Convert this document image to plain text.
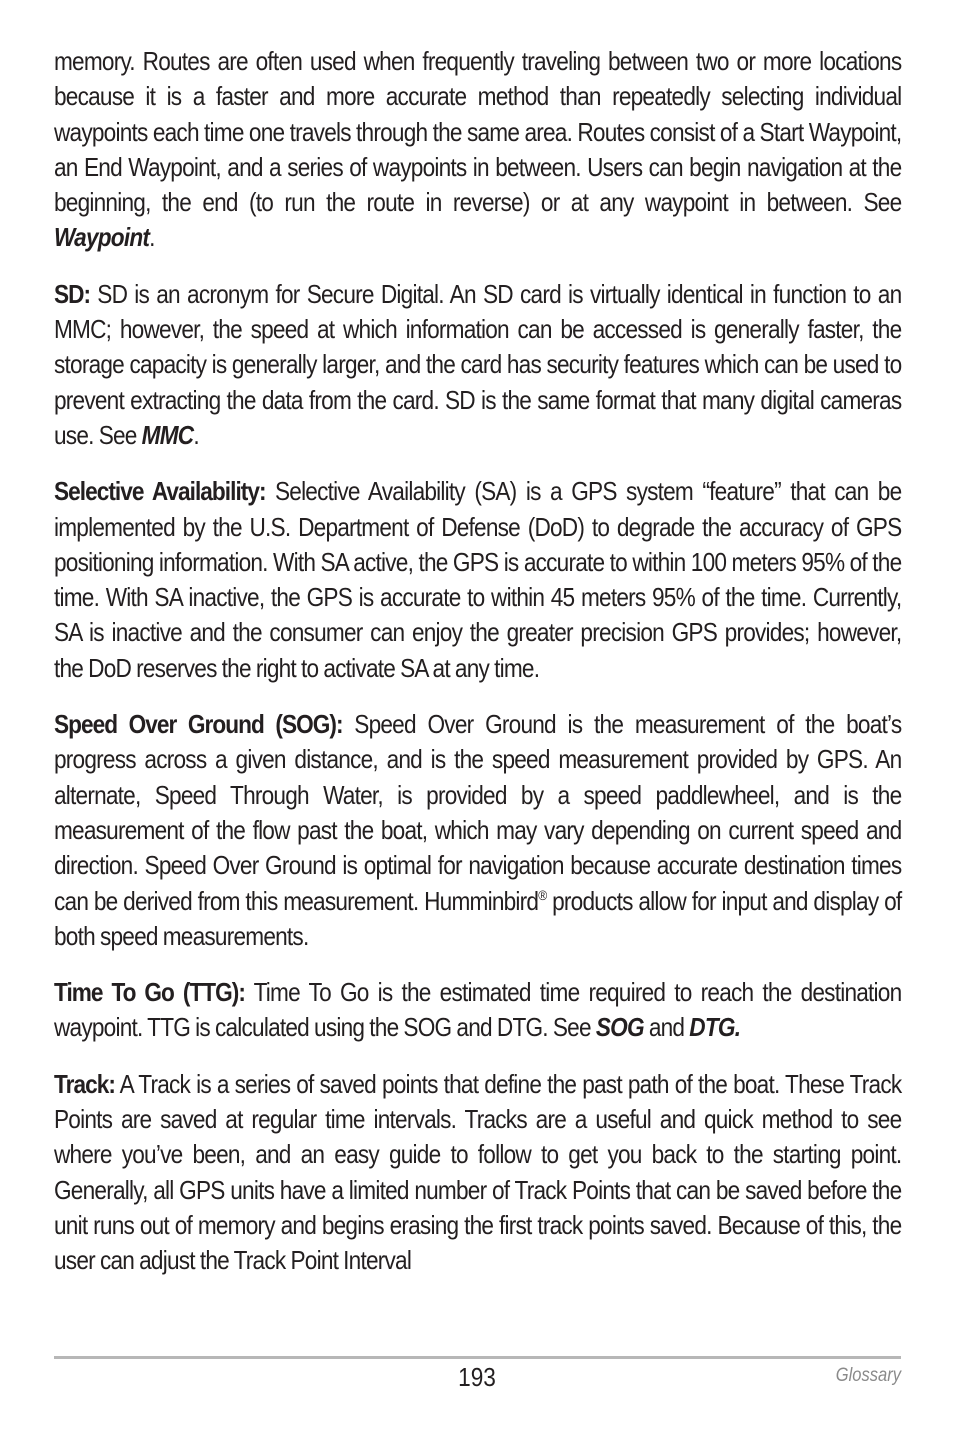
memory. Routes are often used when frequently traveling between two or more locations because it is a faster and more accurate method than repeatedly selecting individual waypoints each time one travels through the same area. Routes consist of a Start Waypoint, an End Waypoint, and a series of waypoints in between. Users can begin navigation at the beginning, the end (to run the route in reverse) or at any waypoint in between. See Waypoint.

SD: SD is an acronym for Secure Digital. An SD card is virtually identical in function to an MMC; however, the speed at which information can be accessed is generally faster, the storage capacity is generally larger, and the card has security features which can be used to prevent extracting the data from the card. SD is the same format that many digital cameras use. See MMC.

Selective Availability: Selective Availability (SA) is a GPS system “feature” that can be implemented by the U.S. Department of Defense (DoD) to degrade the accuracy of GPS positioning information. With SA active, the GPS is accurate to within 100 meters 95% of the time. With SA inactive, the GPS is accurate to within 45 meters 95% of the time. Currently, SA is inactive and the consumer can enjoy the greater precision GPS provides; however, the DoD reserves the right to activate SA at any time.

Speed Over Ground (SOG): Speed Over Ground is the measurement of the boat’s progress across a given distance, and is the speed measurement provided by GPS. An alternate, Speed Through Water, is provided by a speed paddlewheel, and is the measurement of the flow past the boat, which may vary depending on current speed and direction. Speed Over Ground is optimal for navigation because accurate destination times can be derived from this measurement. Humminbird® products allow for input and display of both speed measurements.

Time To Go (TTG): Time To Go is the estimated time required to reach the destination waypoint. TTG is calculated using the SOG and DTG. See SOG and DTG.

Track: A Track is a series of saved points that define the past path of the boat. These Track Points are saved at regular time intervals. Tracks are a useful and quick method to see where you’ve been, and an easy guide to follow to get you back to the starting point. Generally, all GPS units have a limited number of Track Points that can be saved before the unit runs out of memory and begins erasing the first track points saved. Because of this, the user can adjust the Track Point Interval

193	Glossary
